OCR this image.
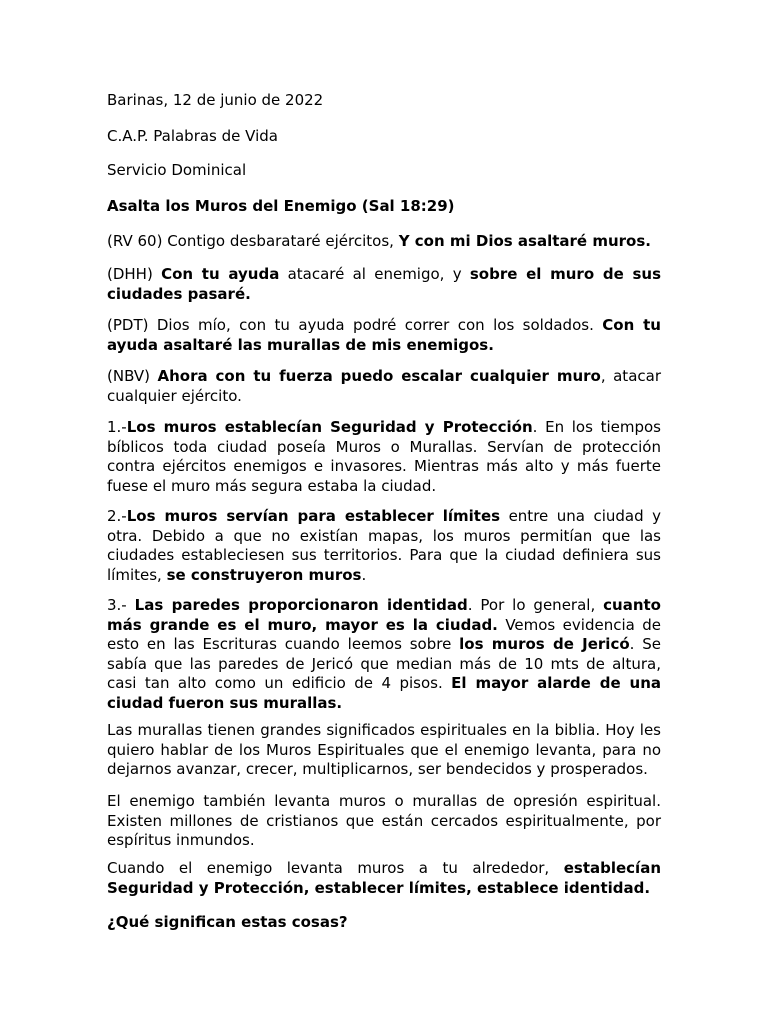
Barinas, 12 de junio de 2022

C.A.P. Palabras de Vida

Servicio Dominical

Asalta los Muros del Enemigo (Sal 18:29)

(RV 60) Contigo desbarataré ejércitos, Y con mi Dios asaltaré muros.

(DHH) Con tu ayuda atacaré al enemigo, y sobre el muro de sus ciudades pasaré.

(PDT) Dios mío, con tu ayuda podré correr con los soldados. Con tu ayuda asaltaré las murallas de mis enemigos.

(NBV) Ahora con tu fuerza puedo escalar cualquier muro, atacar cualquier ejército.

1.-Los muros establecían Seguridad y Protección. En los tiempos bíblicos toda ciudad poseía Muros o Murallas. Servían de protección contra ejércitos enemigos e invasores. Mientras más alto y más fuerte fuese el muro más segura estaba la ciudad.

2.-Los muros servían para establecer límites entre una ciudad y otra. Debido a que no existían mapas, los muros permitían que las ciudades estableciesen sus territorios. Para que la ciudad definiera sus límites, se construyeron muros.

3.- Las paredes proporcionaron identidad. Por lo general, cuanto más grande es el muro, mayor es la ciudad. Vemos evidencia de esto en las Escrituras cuando leemos sobre los muros de Jericó. Se sabía que las paredes de Jericó que median más de 10 mts de altura, casi tan alto como un edificio de 4 pisos. El mayor alarde de una ciudad fueron sus murallas.

Las murallas tienen grandes significados espirituales en la biblia. Hoy les quiero hablar de los Muros Espirituales que el enemigo levanta, para no dejarnos avanzar, crecer, multiplicarnos, ser bendecidos y prosperados.

El enemigo también levanta muros o murallas de opresión espiritual. Existen millones de cristianos que están cercados espiritualmente, por espíritus inmundos.

Cuando el enemigo levanta muros a tu alrededor, establecían Seguridad y Protección, establecer límites, establece identidad.

¿Qué significan estas cosas?
